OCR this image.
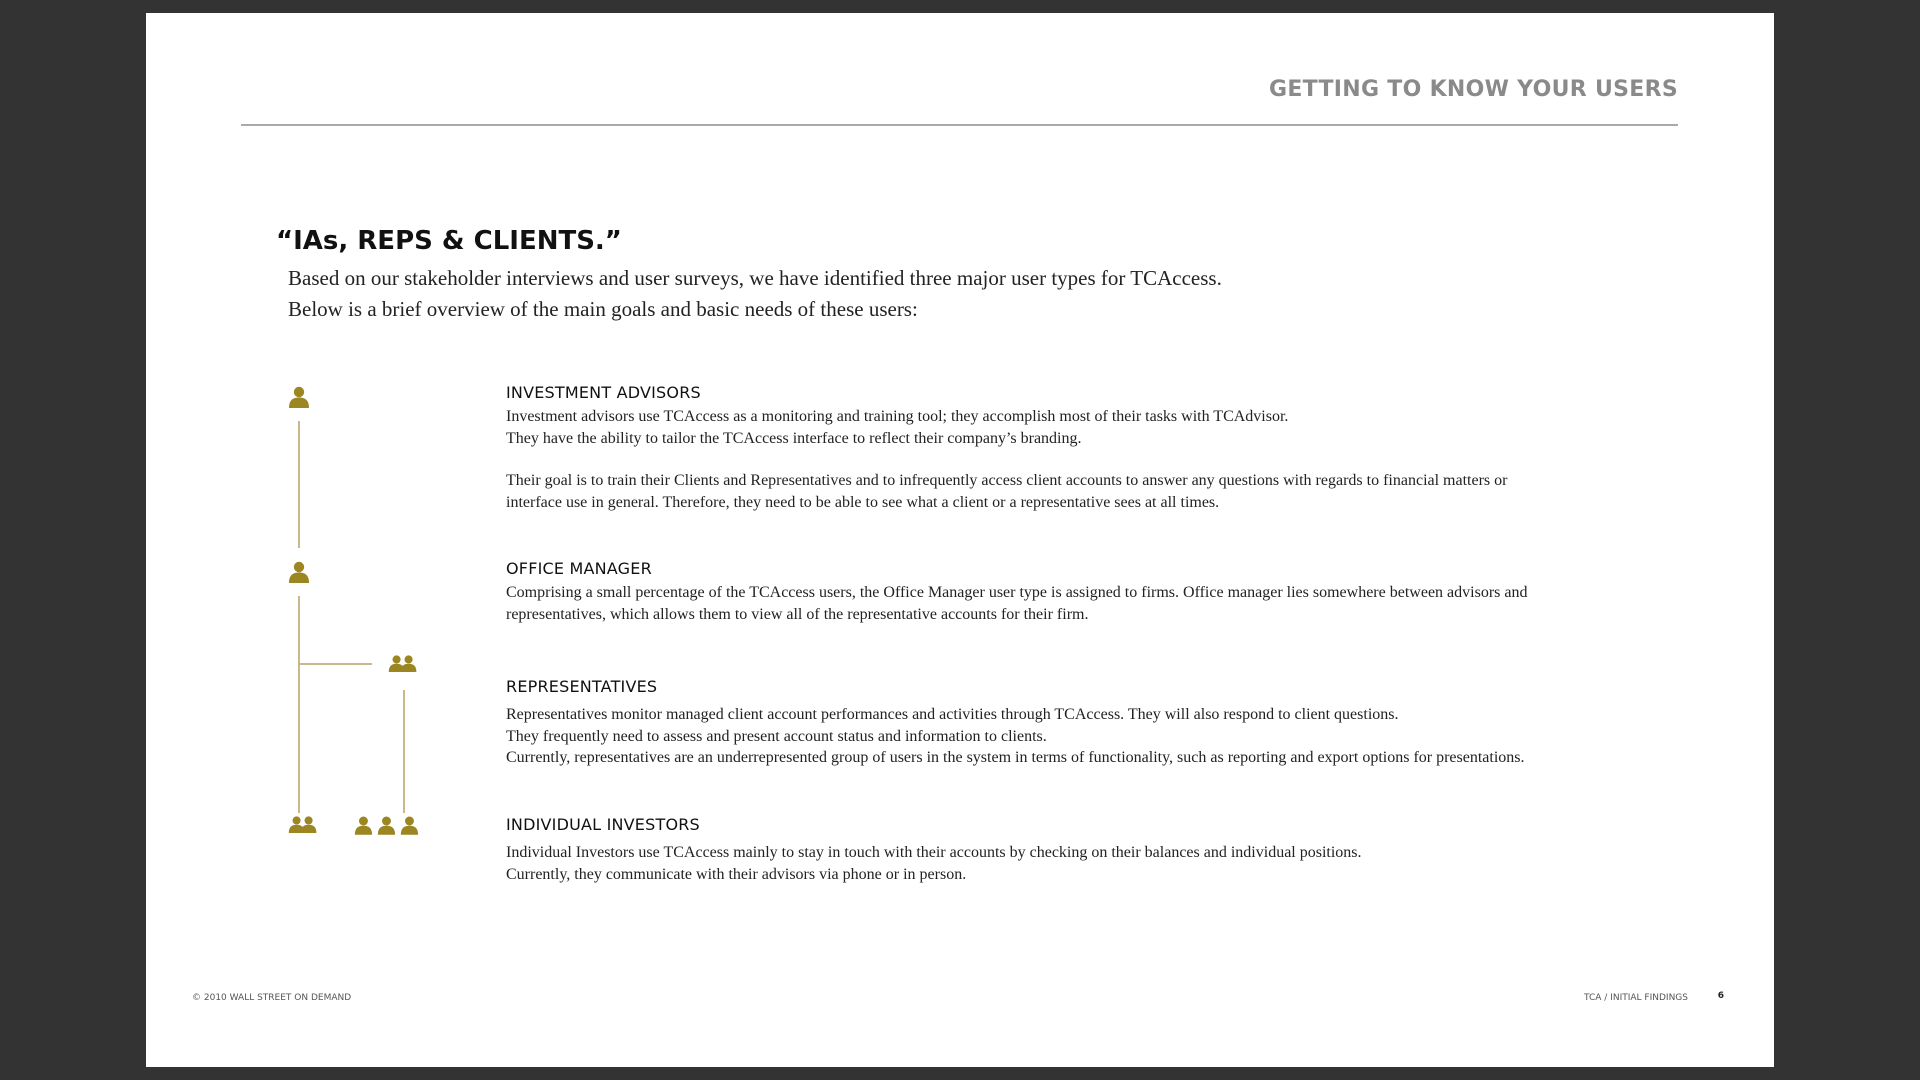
GETTING TO KNOW YOUR USERS
“IAs, REPS & CLIENTS.”

Based on our stakeholder interviews and user surveys, we have identified three major user types for TCAccess.
Below is a brief overview of the main goals and basic needs of these users:

INVESTMENT ADVISORS

Investment advisors use TCAccess as a monitoring and training tool; they accomplish most of their tasks with TCAdvisor.
They have the ability to tailor the TCAccess interface to reflect their company’s branding.

Their goal is to train their Clients and Representatives and to infrequently access client accounts to answer any questions with regards to financial matters or
interface use in general. Therefore, they need to be able to see what a client or a representative sees at all times.

OFFICE MANAGER

Comprising a small percentage of the TCAccess users, the Office Manager user type is assigned to firms. Office manager lies somewhere between advisors and
representatives, which allows them to view all of the representative accounts for their firm.

REPRESENTATIVES

Representatives monitor managed client account performances and activities through TCAccess. They will also respond to client questions.
They frequently need to assess and present account status and information to clients.
Currently, representatives are an underrepresented group of users in the system in terms of functionality, such as reporting and export options for presentations.

INDIVIDUAL INVESTORS

Individual Investors use TCAccess mainly to stay in touch with their accounts by checking on their balances and individual positions.
Currently, they communicate with their advisors via phone or in person.

© 2010 WALL STREET ON DEMAND	TCA / INITIAL FINDINGS	6
